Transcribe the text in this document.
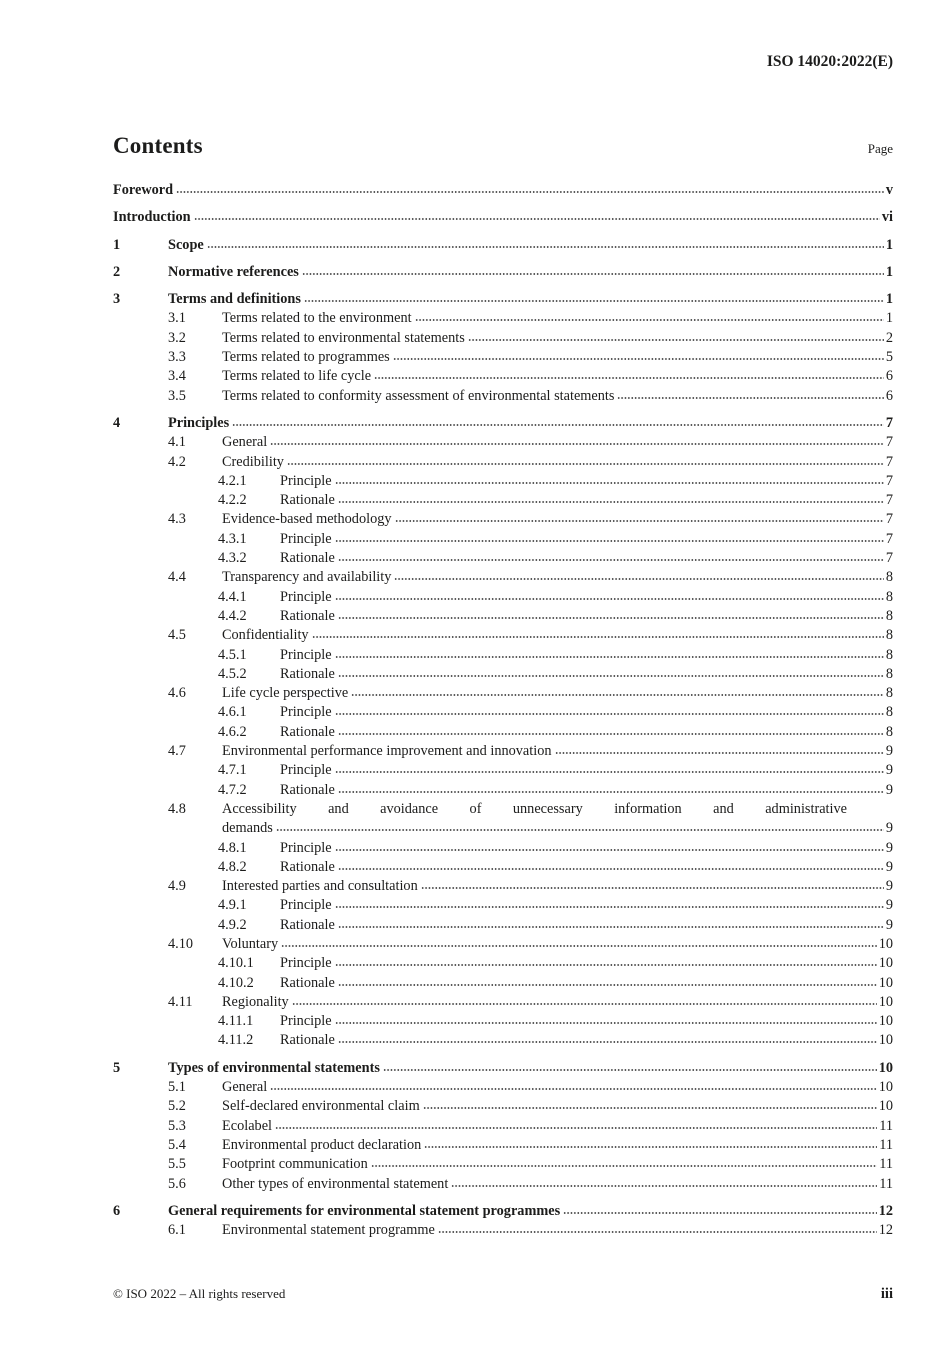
ISO 14020:2022(E)
Contents	Page
Foreword	v
Introduction	vi
1	Scope	1
2	Normative references	1
3	Terms and definitions	1
3.1	Terms related to the environment	1
3.2	Terms related to environmental statements	2
3.3	Terms related to programmes	5
3.4	Terms related to life cycle	6
3.5	Terms related to conformity assessment of environmental statements	6
4	Principles	7
4.1	General	7
4.2	Credibility	7
4.2.1	Principle	7
4.2.2	Rationale	7
4.3	Evidence-based methodology	7
4.3.1	Principle	7
4.3.2	Rationale	7
4.4	Transparency and availability	8
4.4.1	Principle	8
4.4.2	Rationale	8
4.5	Confidentiality	8
4.5.1	Principle	8
4.5.2	Rationale	8
4.6	Life cycle perspective	8
4.6.1	Principle	8
4.6.2	Rationale	8
4.7	Environmental performance improvement and innovation	9
4.7.1	Principle	9
4.7.2	Rationale	9
4.8	Accessibility and avoidance of unnecessary information and administrative
demands	9
4.8.1	Principle	9
4.8.2	Rationale	9
4.9	Interested parties and consultation	9
4.9.1	Principle	9
4.9.2	Rationale	9
4.10	Voluntary	10
4.10.1	Principle	10
4.10.2	Rationale	10
4.11	Regionality	10
4.11.1	Principle	10
4.11.2	Rationale	10
5	Types of environmental statements	10
5.1	General	10
5.2	Self-declared environmental claim	10
5.3	Ecolabel	11
5.4	Environmental product declaration	11
5.5	Footprint communication	11
5.6	Other types of environmental statement	11
6	General requirements for environmental statement programmes	12
6.1	Environmental statement programme	12
© ISO 2022 – All rights reserved	iii
